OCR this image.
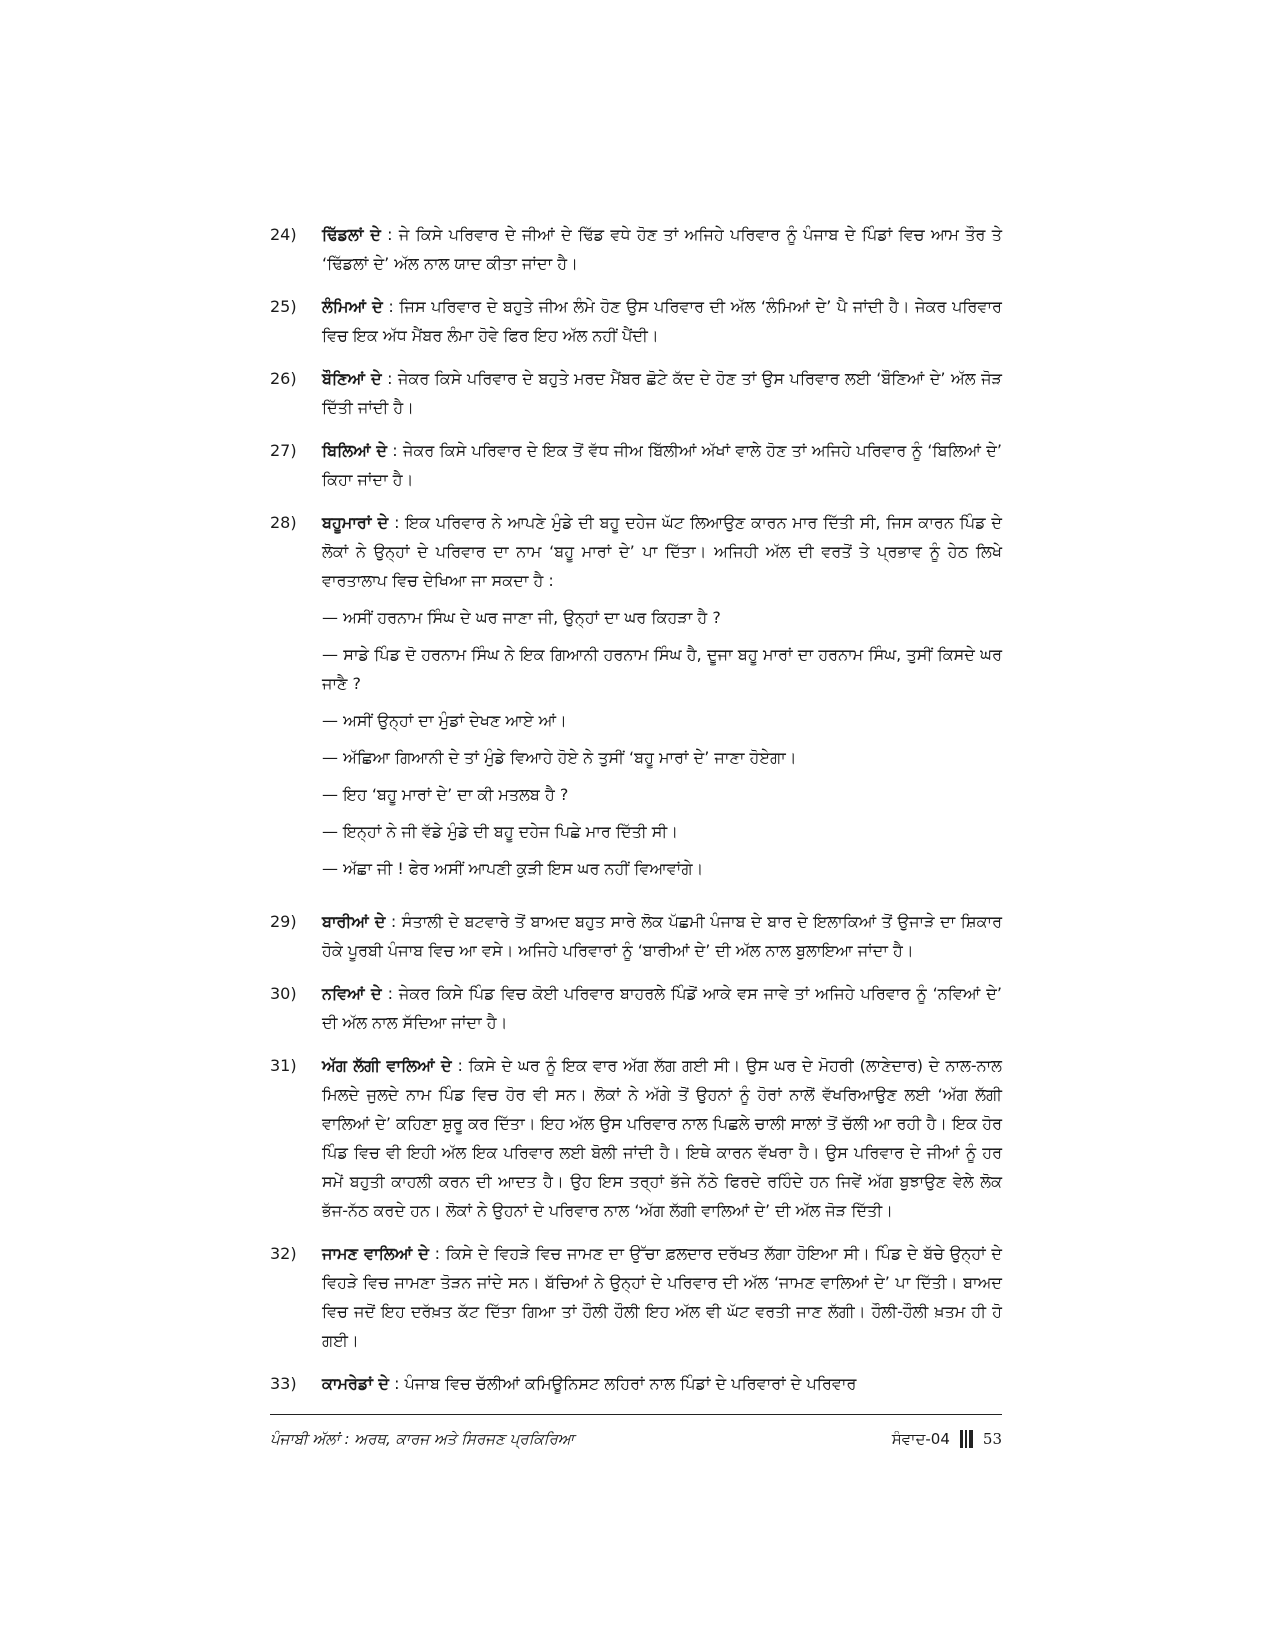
24)	ਢਿੱਡਲਾਂ ਦੇ : ਜੇ ਕਿਸੇ ਪਰਿਵਾਰ ਦੇ ਜੀਆਂ ਦੇ ਢਿੱਡ ਵਧੇ ਹੋਣ ਤਾਂ ਅਜਿਹੇ ਪਰਿਵਾਰ ਨੂੰ ਪੰਜਾਬ ਦੇ ਪਿੰਡਾਂ ਵਿਚ ਆਮ ਤੌਰ ਤੇ ‘ਢਿੱਡਲਾਂ ਦੇ’ ਅੱਲ ਨਾਲ ਯਾਦ ਕੀਤਾ ਜਾਂਦਾ ਹੈ।
25)	ਲੰਮਿਆਂ ਦੇ : ਜਿਸ ਪਰਿਵਾਰ ਦੇ ਬਹੁਤੇ ਜੀਅ ਲੰਮੇ ਹੋਣ ਉਸ ਪਰਿਵਾਰ ਦੀ ਅੱਲ ‘ਲੰਮਿਆਂ ਦੇ’ ਪੈ ਜਾਂਦੀ ਹੈ। ਜੇਕਰ ਪਰਿਵਾਰ ਵਿਚ ਇਕ ਅੱਧ ਮੈਂਬਰ ਲੰਮਾ ਹੋਵੇ ਫਿਰ ਇਹ ਅੱਲ ਨਹੀਂ ਪੈਂਦੀ।
26)	ਬੌਣਿਆਂ ਦੇ : ਜੇਕਰ ਕਿਸੇ ਪਰਿਵਾਰ ਦੇ ਬਹੁਤੇ ਮਰਦ ਮੈਂਬਰ ਛੋਟੇ ਕੱਦ ਦੇ ਹੋਣ ਤਾਂ ਉਸ ਪਰਿਵਾਰ ਲਈ ‘ਬੌਣਿਆਂ ਦੇ’ ਅੱਲ ਜੋੜ ਦਿੱਤੀ ਜਾਂਦੀ ਹੈ।
27)	ਬਿਲਿਆਂ ਦੇ : ਜੇਕਰ ਕਿਸੇ ਪਰਿਵਾਰ ਦੇ ਇਕ ਤੋਂ ਵੱਧ ਜੀਅ ਬਿੱਲੀਆਂ ਅੱਖਾਂ ਵਾਲੇ ਹੋਣ ਤਾਂ ਅਜਿਹੇ ਪਰਿਵਾਰ ਨੂੰ ‘ਬਿਲਿਆਂ ਦੇ’ ਕਿਹਾ ਜਾਂਦਾ ਹੈ।
28)	ਬਹੂਮਾਰਾਂ ਦੇ : ਇਕ ਪਰਿਵਾਰ ਨੇ ਆਪਣੇ ਮੁੰਡੇ ਦੀ ਬਹੂ ਦਹੇਜ ਘੱਟ ਲਿਆਉਣ ਕਾਰਨ ਮਾਰ ਦਿੱਤੀ ਸੀ, ਜਿਸ ਕਾਰਨ ਪਿੰਡ ਦੇ ਲੋਕਾਂ ਨੇ ਉਨ੍ਹਾਂ ਦੇ ਪਰਿਵਾਰ ਦਾ ਨਾਮ ‘ਬਹੂ ਮਾਰਾਂ ਦੇ’ ਪਾ ਦਿੱਤਾ। ਅਜਿਹੀ ਅੱਲ ਦੀ ਵਰਤੋਂ ਤੇ ਪ੍ਰਭਾਵ ਨੂੰ ਹੇਠ ਲਿਖੇ ਵਾਰਤਾਲਾਪ ਵਿਚ ਦੇਖਿਆ ਜਾ ਸਕਦਾ ਹੈ :
— ਅਸੀਂ ਹਰਨਾਮ ਸਿੰਘ ਦੇ ਘਰ ਜਾਣਾ ਜੀ, ਉਨ੍ਹਾਂ ਦਾ ਘਰ ਕਿਹੜਾ ਹੈ ?
— ਸਾਡੇ ਪਿੰਡ ਦੋ ਹਰਨਾਮ ਸਿੰਘ ਨੇ ਇਕ ਗਿਆਨੀ ਹਰਨਾਮ ਸਿੰਘ ਹੈ, ਦੂਜਾ ਬਹੂ ਮਾਰਾਂ ਦਾ ਹਰਨਾਮ ਸਿੰਘ, ਤੁਸੀਂ ਕਿਸਦੇ ਘਰ ਜਾਣੈ ?
— ਅਸੀਂ ਉਨ੍ਹਾਂ ਦਾ ਮੁੰਡਾਂ ਦੇਖਣ ਆਏ ਆਂ।
— ਅੱਛਿਆ ਗਿਆਨੀ ਦੇ ਤਾਂ ਮੁੰਡੇ ਵਿਆਹੇ ਹੋਏ ਨੇ ਤੁਸੀਂ ‘ਬਹੂ ਮਾਰਾਂ ਦੇ’ ਜਾਣਾ ਹੋਏਗਾ।
— ਇਹ ‘ਬਹੂ ਮਾਰਾਂ ਦੇ’ ਦਾ ਕੀ ਮਤਲਬ ਹੈ ?
— ਇਨ੍ਹਾਂ ਨੇ ਜੀ ਵੱਡੇ ਮੁੰਡੇ ਦੀ ਬਹੂ ਦਹੇਜ ਪਿਛੇ ਮਾਰ ਦਿੱਤੀ ਸੀ।
— ਅੱਛਾ ਜੀ ! ਫੇਰ ਅਸੀਂ ਆਪਣੀ ਕੁੜੀ ਇਸ ਘਰ ਨਹੀਂ ਵਿਆਵਾਂਗੇ।
29)	ਬਾਰੀਆਂ ਦੇ : ਸੰਤਾਲੀ ਦੇ ਬਟਵਾਰੇ ਤੋਂ ਬਾਅਦ ਬਹੁਤ ਸਾਰੇ ਲੋਕ ਪੱਛਮੀ ਪੰਜਾਬ ਦੇ ਬਾਰ ਦੇ ਇਲਾਕਿਆਂ ਤੋਂ ਉਜਾੜੇ ਦਾ ਸ਼ਿਕਾਰ ਹੋਕੇ ਪੂਰਬੀ ਪੰਜਾਬ ਵਿਚ ਆ ਵਸੇ। ਅਜਿਹੇ ਪਰਿਵਾਰਾਂ ਨੂੰ ‘ਬਾਰੀਆਂ ਦੇ’ ਦੀ ਅੱਲ ਨਾਲ ਬੁਲਾਇਆ ਜਾਂਦਾ ਹੈ।
30)	ਨਵਿਆਂ ਦੇ : ਜੇਕਰ ਕਿਸੇ ਪਿੰਡ ਵਿਚ ਕੋਈ ਪਰਿਵਾਰ ਬਾਹਰਲੇ ਪਿੰਡੋਂ ਆਕੇ ਵਸ ਜਾਵੇ ਤਾਂ ਅਜਿਹੇ ਪਰਿਵਾਰ ਨੂੰ ‘ਨਵਿਆਂ ਦੇ’ ਦੀ ਅੱਲ ਨਾਲ ਸੱਦਿਆ ਜਾਂਦਾ ਹੈ।
31)	ਅੱਗ ਲੱਗੀ ਵਾਲਿਆਂ ਦੇ : ਕਿਸੇ ਦੇ ਘਰ ਨੂੰ ਇਕ ਵਾਰ ਅੱਗ ਲੱਗ ਗਈ ਸੀ। ਉਸ ਘਰ ਦੇ ਮੋਹਰੀ (ਲਾਣੇਦਾਰ) ਦੇ ਨਾਲ-ਨਾਲ ਮਿਲਦੇ ਜੁਲਦੇ ਨਾਮ ਪਿੰਡ ਵਿਚ ਹੋਰ ਵੀ ਸਨ। ਲੋਕਾਂ ਨੇ ਅੱਗੇ ਤੋਂ ਉਹਨਾਂ ਨੂੰ ਹੋਰਾਂ ਨਾਲੋਂ ਵੱਖਰਿਆਉਣ ਲਈ ‘ਅੱਗ ਲੱਗੀ ਵਾਲਿਆਂ ਦੇ’ ਕਹਿਣਾ ਸ਼ੁਰੂ ਕਰ ਦਿੱਤਾ। ਇਹ ਅੱਲ ਉਸ ਪਰਿਵਾਰ ਨਾਲ ਪਿਛਲੇ ਚਾਲੀ ਸਾਲਾਂ ਤੋਂ ਚੱਲੀ ਆ ਰਹੀ ਹੈ। ਇਕ ਹੋਰ ਪਿੰਡ ਵਿਚ ਵੀ ਇਹੀ ਅੱਲ ਇਕ ਪਰਿਵਾਰ ਲਈ ਬੋਲੀ ਜਾਂਦੀ ਹੈ। ਇਥੇ ਕਾਰਨ ਵੱਖਰਾ ਹੈ। ਉਸ ਪਰਿਵਾਰ ਦੇ ਜੀਆਂ ਨੂੰ ਹਰ ਸਮੇਂ ਬਹੁਤੀ ਕਾਹਲੀ ਕਰਨ ਦੀ ਆਦਤ ਹੈ। ਉਹ ਇਸ ਤਰ੍ਹਾਂ ਭੱਜੇ ਨੱਠੇ ਫਿਰਦੇ ਰਹਿੰਦੇ ਹਨ ਜਿਵੇਂ ਅੱਗ ਬੁਝਾਉਣ ਵੇਲੇ ਲੋਕ ਭੱਜ-ਨੱਠ ਕਰਦੇ ਹਨ। ਲੋਕਾਂ ਨੇ ਉਹਨਾਂ ਦੇ ਪਰਿਵਾਰ ਨਾਲ ‘ਅੱਗ ਲੱਗੀ ਵਾਲਿਆਂ ਦੇ’ ਦੀ ਅੱਲ ਜੋੜ ਦਿੱਤੀ।
32)	ਜਾਮਣ ਵਾਲਿਆਂ ਦੇ : ਕਿਸੇ ਦੇ ਵਿਹੜੇ ਵਿਚ ਜਾਮਣ ਦਾ ਉੱਚਾ ਫ਼ਲਦਾਰ ਦਰੱਖਤ ਲੱਗਾ ਹੋਇਆ ਸੀ। ਪਿੰਡ ਦੇ ਬੱਚੇ ਉਨ੍ਹਾਂ ਦੇ ਵਿਹੜੇ ਵਿਚ ਜਾਮਣਾ ਤੋੜਨ ਜਾਂਦੇ ਸਨ। ਬੱਚਿਆਂ ਨੇ ਉਨ੍ਹਾਂ ਦੇ ਪਰਿਵਾਰ ਦੀ ਅੱਲ ‘ਜਾਮਣ ਵਾਲਿਆਂ ਦੇ’ ਪਾ ਦਿੱਤੀ। ਬਾਅਦ ਵਿਚ ਜਦੋਂ ਇਹ ਦਰੱਖ਼ਤ ਕੱਟ ਦਿੱਤਾ ਗਿਆ ਤਾਂ ਹੌਲੀ ਹੌਲੀ ਇਹ ਅੱਲ ਵੀ ਘੱਟ ਵਰਤੀ ਜਾਣ ਲੱਗੀ। ਹੌਲੀ-ਹੌਲੀ ਖ਼ਤਮ ਹੀ ਹੋ ਗਈ।
33)	ਕਾਮਰੇਡਾਂ ਦੇ : ਪੰਜਾਬ ਵਿਚ ਚੱਲੀਆਂ ਕਮਿਊਨਿਸਟ ਲਹਿਰਾਂ ਨਾਲ ਪਿੰਡਾਂ ਦੇ ਪਰਿਵਾਰਾਂ ਦੇ ਪਰਿਵਾਰ
ਪੰਜਾਬੀ ਅੱਲਾਂ : ਅਰਥ, ਕਾਰਜ ਅਤੇ ਸਿਰਜਣ ਪ੍ਰਕਿਰਿਆ	ਸੰਵਾਦ-04 53
